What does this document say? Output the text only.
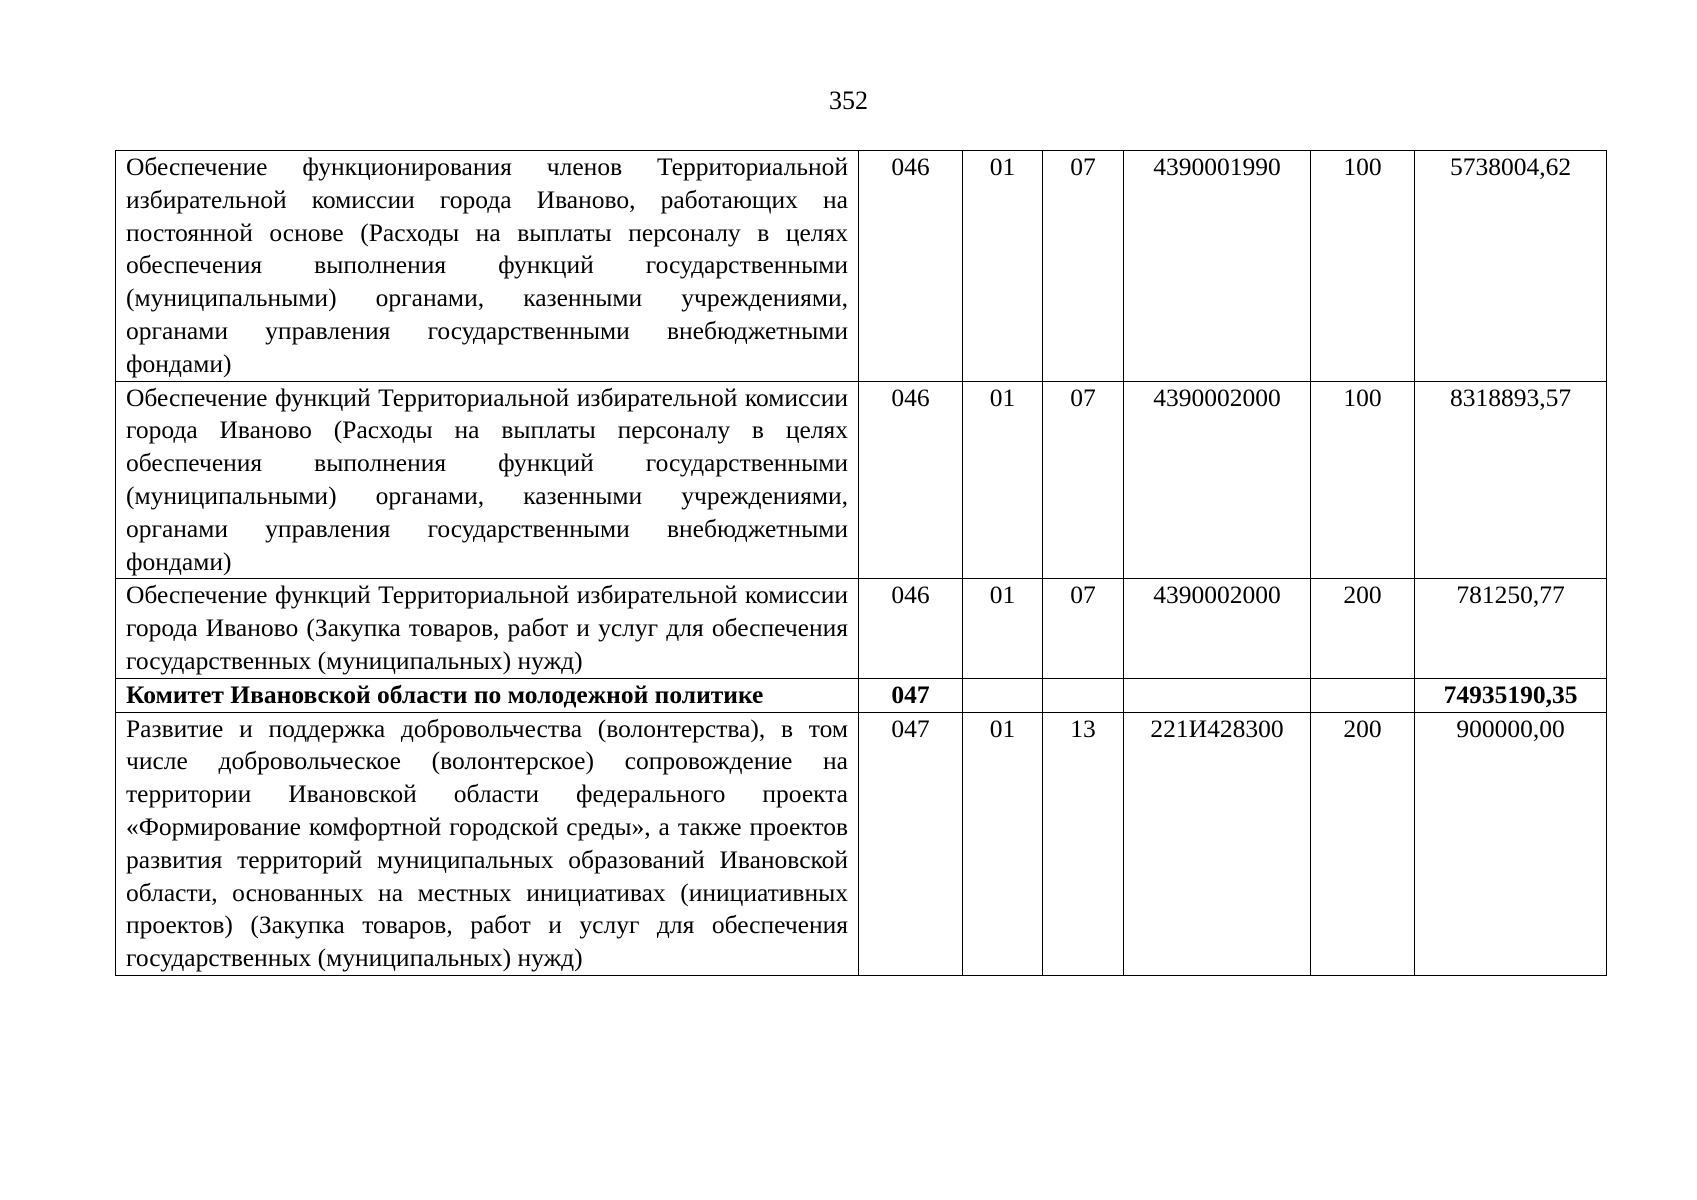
352
Обеспечение функционирования членов Территориальной избирательной комиссии города Иваново, работающих на постоянной основе (Расходы на выплаты персоналу в целях обеспечения выполнения функций государственными (муниципальными) органами, казенными учреждениями, органами управления государственными внебюджетными фондами)	046	01	07	4390001990	100	5738004,62
Обеспечение функций Территориальной избирательной комиссии города Иваново (Расходы на выплаты персоналу в целях обеспечения выполнения функций государственными (муниципальными) органами, казенными учреждениями, органами управления государственными внебюджетными фондами)	046	01	07	4390002000	100	8318893,57
Обеспечение функций Территориальной избирательной комиссии города Иваново (Закупка товаров, работ и услуг для обеспечения государственных (муниципальных) нужд)	046	01	07	4390002000	200	781250,77
Комитет Ивановской области по молодежной политике	047					74935190,35
Развитие и поддержка добровольчества (волонтерства), в том числе добровольческое (волонтерское) сопровождение на территории Ивановской области федерального проекта «Формирование комфортной городской среды», а также проектов развития территорий муниципальных образований Ивановской области, основанных на местных инициативах (инициативных проектов) (Закупка товаров, работ и услуг для обеспечения государственных (муниципальных) нужд)	047	01	13	221И428300	200	900000,00
